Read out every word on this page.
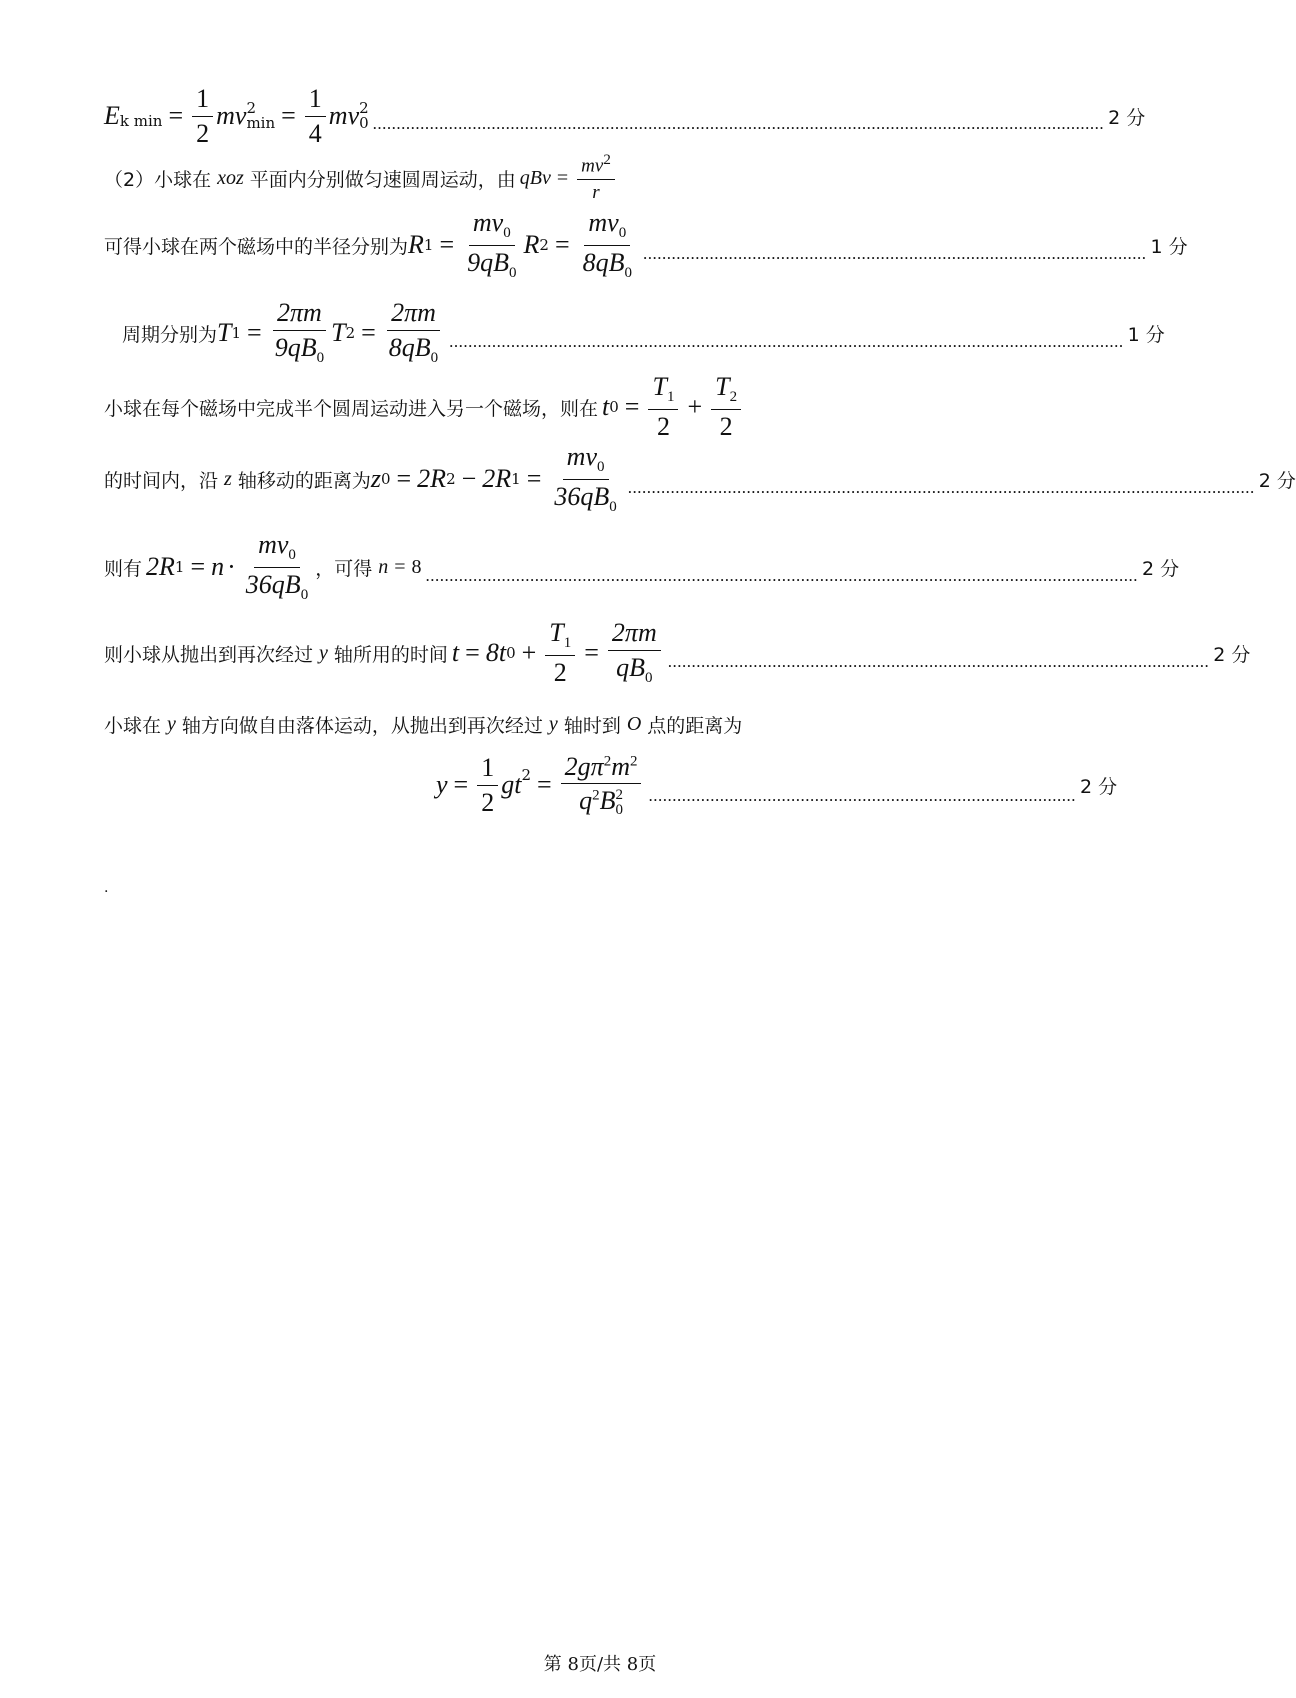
E k $\min = \frac{1}{2}$ mv 2
$\min = \frac{1}{4}$ mv 2
0 .......................................................................................................................................................... 2 分
（2）小球在 xoz 平面内分别做匀速圆周运动，由 qBv = $\frac{mv^2}{r}$
可得小球在两个磁场中的半径分别为 R $1 = \frac{mv_0}{9qB_0}$ R $2 = \frac{mv_0}{8qB_0}$ .......................................................................................................... 1 分
周期分别为 T $1 = \frac{2\pi m}{9qB_0}$ T $2 = \frac{2\pi m}{8qB_0}$ .............................................................................................................................................. 1 分
小球在每个磁场中完成半个圆周运动进入另一个磁场，则在 t $0 = \frac{T_1}{2} + \frac{T_2}{2}$
的时间内，沿 z 轴移动的距离为 z 0 = 2R 2 − 2R $1 = \frac{mv_0}{36qB_0}$ .................................................................................................................................... 2 分
则有 2R $1 = n \cdot \frac{mv_0}{36qB_0}$ ，可得 n = 8 ...................................................................................................................................................... 2 分
则小球从抛出到再次经过 y 轴所用的时间 t = 8t $0 + \frac{T_1}{2} = \frac{2\pi m}{qB_0}$ .................................................................................................................. 2 分
小球在 y 轴方向做自由落体运动，从抛出到再次经过 y 轴时到 O 点的距离为
$y = \frac{1}{2}$ gt $2 = 2g\pi^2m^2$
$q^2B$ 2
0 .......................................................................................... 2 分
.
第 8页/共 8页
